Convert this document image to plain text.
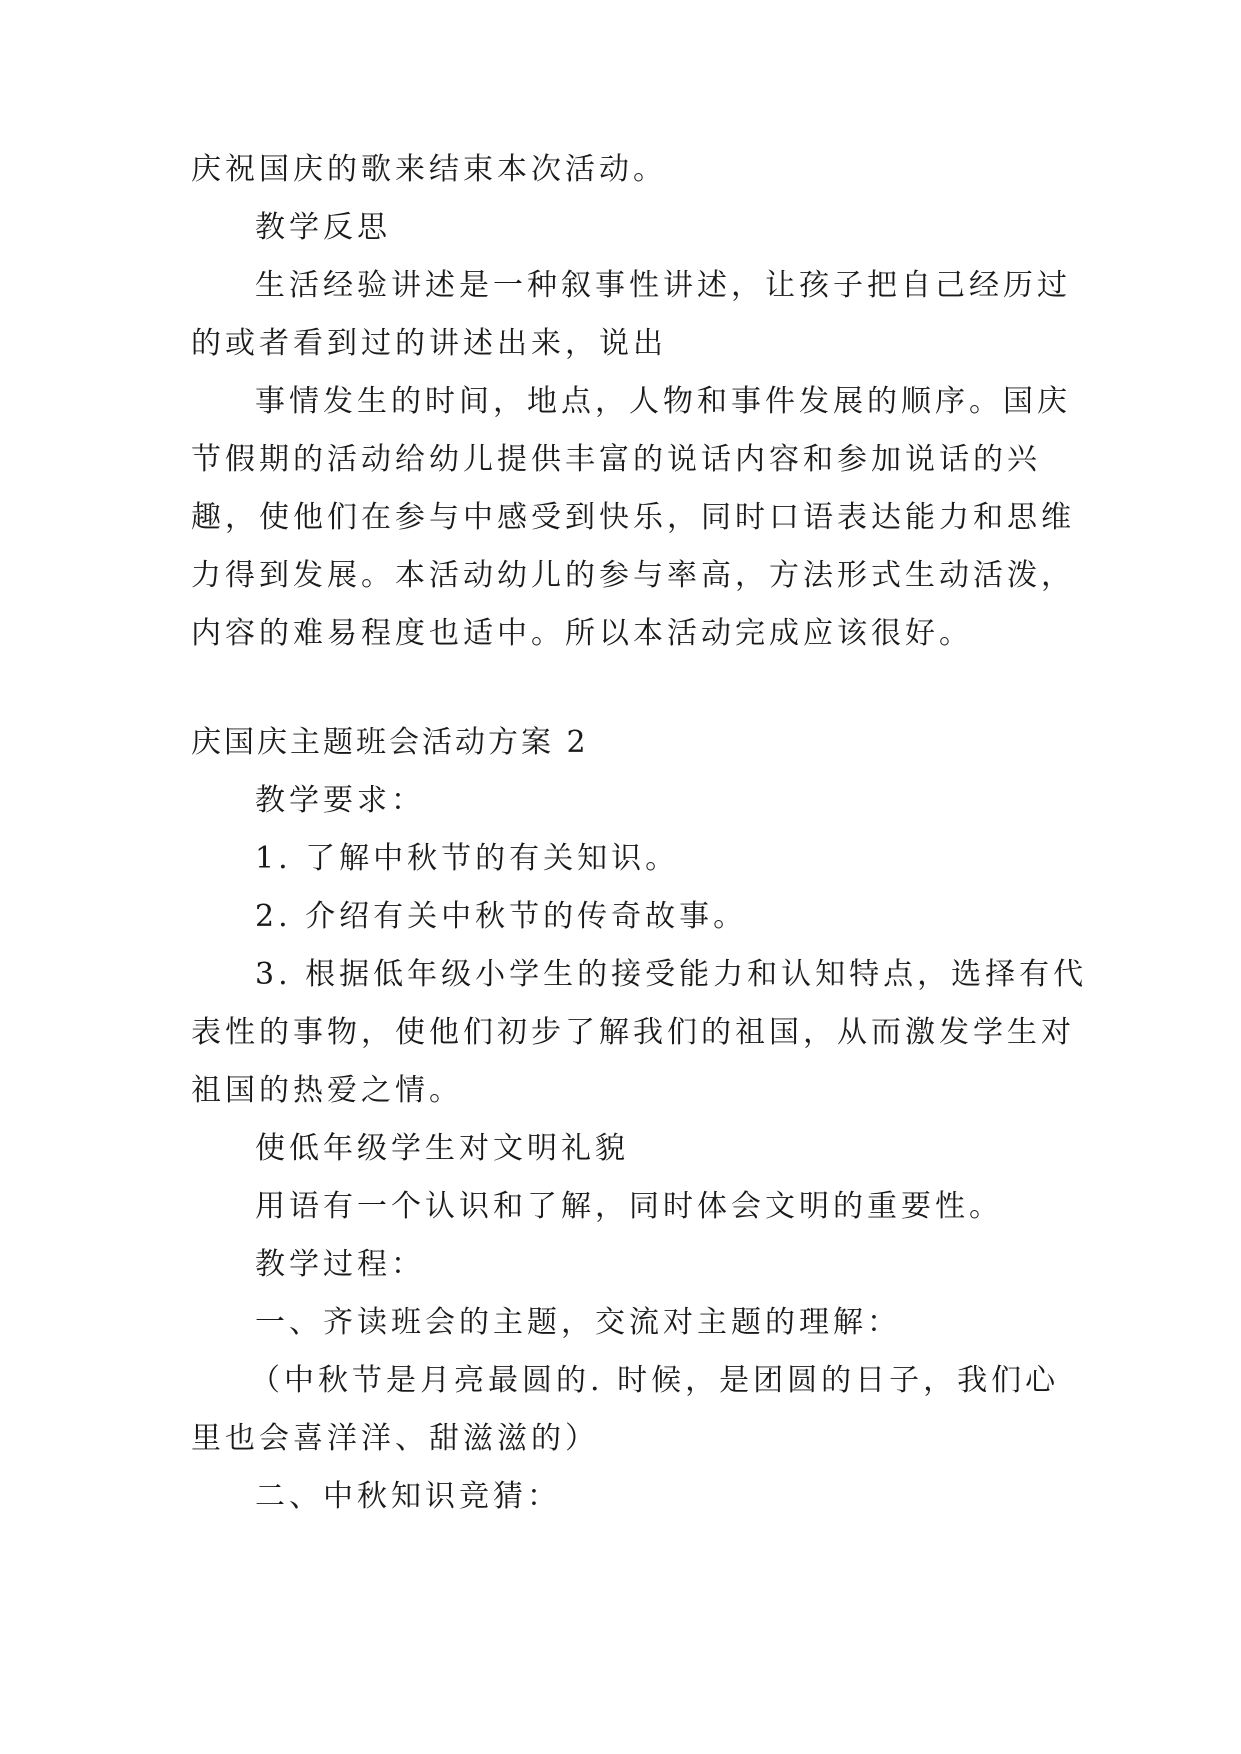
庆祝国庆的歌来结束本次活动。

教学反思

生活经验讲述是一种叙事性讲述，让孩子把自己经历过

的或者看到过的讲述出来，说出

事情发生的时间，地点，人物和事件发展的顺序。国庆

节假期的活动给幼儿提供丰富的说话内容和参加说话的兴

趣，使他们在参与中感受到快乐，同时口语表达能力和思维

力得到发展。本活动幼儿的参与率高，方法形式生动活泼，

内容的难易程度也适中。所以本活动完成应该很好。

庆国庆主题班会活动方案 2

教学要求：

1. 了解中秋节的有关知识。

2. 介绍有关中秋节的传奇故事。

3. 根据低年级小学生的接受能力和认知特点，选择有代

表性的事物，使他们初步了解我们的祖国，从而激发学生对

祖国的热爱之情。

使低年级学生对文明礼貌

用语有一个认识和了解，同时体会文明的重要性。

教学过程：

一、齐读班会的主题，交流对主题的理解：

（中秋节是月亮最圆的. 时候，是团圆的日子，我们心

里也会喜洋洋、甜滋滋的）

二、中秋知识竞猜：
